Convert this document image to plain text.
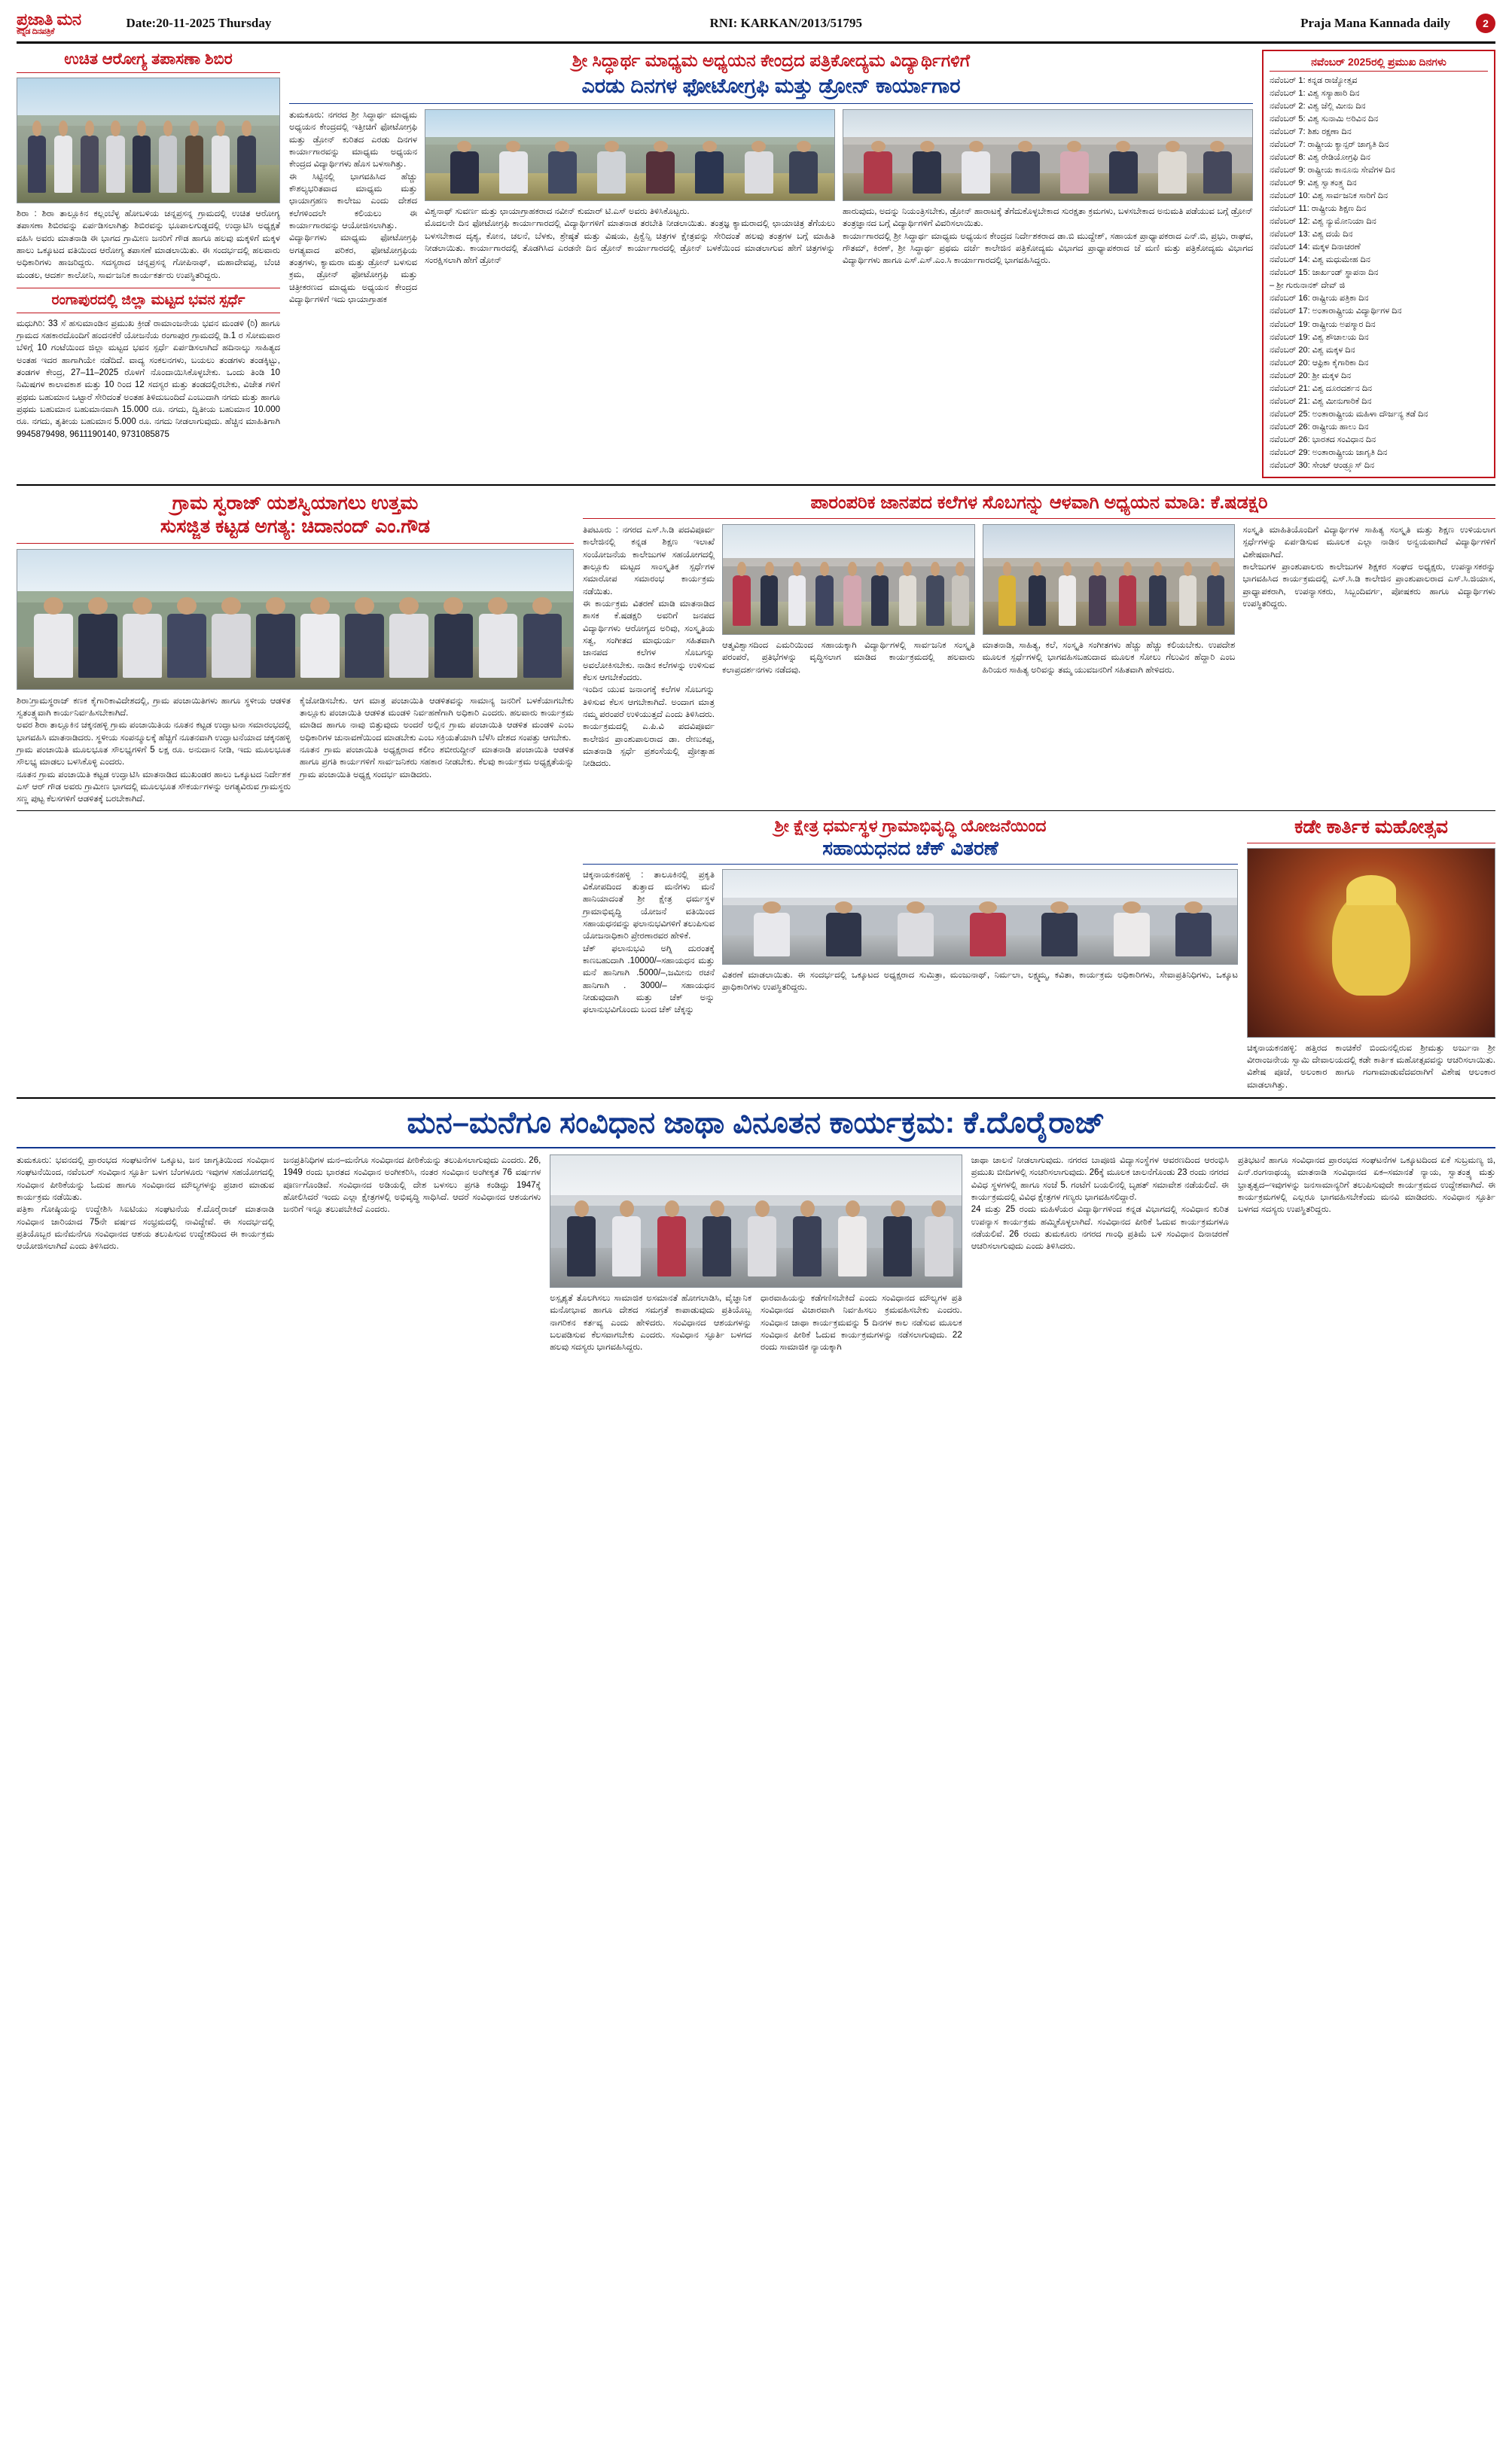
ಪ್ರಜಾತಿ ಮನ
ಕನ್ನಡ ದಿನಪತ್ರಿಕೆ
Date:20-11-2025 Thursday	RNI: KARKAN/2013/51795	Praja Mana Kannada daily	2
ಉಚಿತ ಆರೋಗ್ಯ ತಪಾಸಣಾ ಶಿಬಿರ
ಶಿರಾ : ಶಿರಾ ತಾಲ್ಲೂಕಿನ ಕಲ್ಲಂಬೆಳ್ಳ ಹೋಬಳಿಯ ಚನ್ನಪ್ರಸನ್ನ ಗ್ರಾಮದಲ್ಲಿ ಉಚಿತ ಆರೋಗ್ಯ ತಪಾಸಣಾ ಶಿಬಿರವನ್ನು ಏರ್ಪಡಿಸಲಾಗಿತ್ತು ಶಿಬಿರವನ್ನು ಭೂಪಾಲಗುಡ್ಡದಲ್ಲಿ ಉದ್ಘಾಟಿಸಿ ಅಧ್ಯಕ್ಷತೆ ವಹಿಸಿ ಅವರು ಮಾತನಾಡಿ ಈ ಭಾಗದ ಗ್ರಾಮೀಣ ಜನರಿಗೆ ಗೌಡ ಹಾಗೂ ಹಲವು ಮಕ್ಕಳಿಗೆ ಮಕ್ಕಳ ಹಾಲು ಒಕ್ಕೂಟದ ವತಿಯಿಂದ ಆರೋಗ್ಯ ತಪಾಸಣೆ ಮಾಡಲಾಯಿತು. ಈ ಸಂದರ್ಭದಲ್ಲಿ ಹಲವಾರು ಅಧಿಕಾರಿಗಳು ಹಾಜರಿದ್ದರು. ಸದಸ್ಯರಾದ ಚನ್ನಪ್ರಸನ್ನ ಗೋಪಿನಾಥ್, ಮಹಾದೇವಪ್ಪ, ಬೆಂಚಿ ಮಂಡಲ, ಆದರ್ಶ ಕಾಲೋನಿ, ಸಾರ್ವಜನಿಕ ಕಾರ್ಯಕರ್ತರು ಉಪಸ್ಥಿತರಿದ್ದರು.
ರಂಗಾಪುರದಲ್ಲಿ ಜಿಲ್ಲಾ ಮಟ್ಟದ ಭವನ ಸ್ಪರ್ಧೆ
ಮಧುಗಿರಿ: 33 ಸೆ ಹಸುಮಾಂಡಿನ ಪ್ರಮುಖ ಕ್ರೀಡೆ ರಾಮಾಂಜನೇಯ ಭವನ ಮಂಡಳಿ (ರಿ) ಹಾಗೂ ಗ್ರಾಮದ ಸಹಕಾರದೊಂದಿಗೆ ಹಂದನಕೆರೆ ಯೋಜನೆಯ ರಂಗಾಪುರ ಗ್ರಾಮದಲ್ಲಿ ಡಿ.1 ರ ಸೋಮವಾರ ಬೆಳಿಗ್ಗೆ 10 ಗಂಟೆಯಿಂದ ಜಿಲ್ಲಾ ಮಟ್ಟದ ಭವನ ಸ್ಪರ್ಧೆ ಏರ್ಪಡಿಸಲಾಗಿದೆ ಹದಿನಾಲ್ಕು ಸಾಹಿತ್ಯದ ಅಂತಹ ಇದರ ಹಾಗಾಗಿಯೇ ನಡೆದಿದೆ. ವಾದ್ಯ ಸಂಕಲನಗಳು, ಬಯಲು ತಂಡಗಳು ತಂಡಕ್ಕಿಟ್ಟು, ತಂಡಗಳ ಕೇಂದ್ರ, 27–11–2025 ರೊಳಗೆ ನೊಂದಾಯಿಸಿಕೊಳ್ಳಬೇಕು. ಒಂದು ತಿಂಡಿ 10 ನಿಮಿಷಗಳ ಕಾಲಾವಕಾಶ ಮತ್ತು 10 ರಿಂದ 12 ಸದಸ್ಯರ ಮತ್ತು ತಂಡದಲ್ಲಿರಬೇಕು, ವಿಜೇತ ಗಳಿಗೆ ಪ್ರಥಮ ಬಹುಮಾನ ಒಟ್ಟಾರೆ ಸೇರಿದಂತೆ ಅಂತಹ ತಿಳಿದುಬಂದಿದೆ ಎಂಬುದಾಗಿ ನಗದು ಮತ್ತು ಹಾಗೂ ಪ್ರಥಮ ಬಹುಮಾನ ಬಹುಮಾನವಾಗಿ 15.000 ರೂ. ನಗದು, ದ್ವಿತೀಯ ಬಹುಮಾನ 10.000 ರೂ. ನಗದು, ತೃತೀಯ ಬಹುಮಾನ 5.000 ರೂ. ನಗದು ನೀಡಲಾಗುವುದು. ಹೆಚ್ಚಿನ ಮಾಹಿತಿಗಾಗಿ 9945879498, 9611190140, 9731085875
ಶ್ರೀ ಸಿದ್ಧಾರ್ಥ ಮಾಧ್ಯಮ ಅಧ್ಯಯನ ಕೇಂದ್ರದ ಪತ್ರಿಕೋದ್ಯಮ ವಿದ್ಯಾರ್ಥಿಗಳಿಗೆ
ಎರಡು ದಿನಗಳ ಫೋಟೋಗ್ರಫಿ ಮತ್ತು ಡ್ರೋನ್ ಕಾರ್ಯಾಗಾರ
ತುಮಕೂರು: ನಗರದ ಶ್ರೀ ಸಿದ್ಧಾರ್ಥ ಮಾಧ್ಯಮ ಅಧ್ಯಯನ ಕೇಂದ್ರದಲ್ಲಿ ಇತ್ತೀಚಿಗೆ ಫೋಟೋಗ್ರಫಿ ಮತ್ತು ಡ್ರೋನ್ ಕುರಿತದ ಎರಡು ದಿನಗಳ ಕಾರ್ಯಾಗಾರವನ್ನು ಮಾಧ್ಯಮ ಅಧ್ಯಯನ ಕೇಂದ್ರದ ವಿದ್ಯಾರ್ಥಿಗಳು ಹೊಸ ಬಳಸಾಗಿತ್ತು.
ಈ ಸಿಟ್ಟಿನಲ್ಲಿ ಭಾಗವಹಿಸಿದ ಹೆಚ್ಚು ಕೌಶಲ್ಯಭರಿತವಾದ ಮಾಧ್ಯಮ ಮತ್ತು ಛಾಯಾಗ್ರಹಣ ಕಾಲೇಜು ಎಂದು ದೇಶದ ಕಲೆಗಳಿಂದಲೇ ಕಲಿಯಲು ಈ ಕಾರ್ಯಾಗಾರವನ್ನು ಆಯೋಜಿಸಲಾಗಿತ್ತು.
ವಿದ್ಯಾರ್ಥಿಗಳು ಮಾಧ್ಯಮ ಫೋಟೋಗ್ರಫಿ ಅಗತ್ಯವಾದ ಪರಿಕರ, ಫೋಟೋಗ್ರಫಿಯ ತಂತ್ರಗಳು, ಕ್ಯಾಮರಾ ಮತ್ತು ಡ್ರೋನ್ ಬಳಸುವ ಕ್ರಮ, ಡ್ರೋನ್ ಫೋಟೋಗ್ರಫಿ ಮತ್ತು ಚಿತ್ರೀಕರಣದ ಮಾಧ್ಯಮ ಅಧ್ಯಯನ ಕೇಂದ್ರದ ವಿದ್ಯಾರ್ಥಿಗಳಿಗೆ ಇದು ಛಾಯಾಗ್ರಾಹಕ
ವಿಶ್ವನಾಥ್ ಸುವರ್ಣ ಮತ್ತು ಛಾಯಾಗ್ರಾಹಕರಾದ ನವೀನ್ ಕುಮಾರ್ ಟಿ.ಎಸ್ ಅವರು ತಿಳಿಸಿಕೊಟ್ಟರು.
ಮೊದಲನೇ ದಿನ ಫೋಟೋಗ್ರಫಿ ಕಾರ್ಯಾಗಾರದಲ್ಲಿ ವಿದ್ಯಾರ್ಥಿಗಳಿಗೆ ಮಾತನಾಡ ತರಬೇತಿ ನೀಡಲಾಯಿತು. ತಂತ್ರಜ್ಞ ಕ್ಯಾಮರಾದಲ್ಲಿ ಛಾಯಾಚಿತ್ರ ತೆಗೆಯಲು ಬಳಸಬೇಕಾದ ದೃಶ್ಯ, ಕೋನ, ಚಲನೆ, ಬೆಳಕು, ಶ್ರೇಷ್ಠತೆ ಮತ್ತು ವಿಷಯ, ಪ್ರಿಕ್ವೆನ್ಸಿ ಚಿತ್ರಗಳ ಕ್ಷೇತ್ರವನ್ನು ಸೇರಿದಂತೆ ಹಲವು ತಂತ್ರಗಳ ಬಗ್ಗೆ ಮಾಹಿತಿ ನೀಡಲಾಯಿತು. ಕಾರ್ಯಾಗಾರದಲ್ಲಿ ತೊಡಗಿಸಿದ ಎರಡನೇ ದಿನ ಡ್ರೋನ್ ಕಾರ್ಯಾಗಾರದಲ್ಲಿ ಡ್ರೋನ್ ಬಳಕೆಯಿಂದ ಮಾಡಲಾಗುವ ಹೇಗೆ ಚಿತ್ರಗಳನ್ನು ಸಂರಕ್ಷಿಸಲಾಗಿ ಹೇಗೆ ಡ್ರೋನ್
ಹಾರುವುದು, ಅದನ್ನು ನಿಯಂತ್ರಿಸಬೇಕು, ಡ್ರೋನ್ ಹಾರಾಟಕ್ಕೆ ತೆಗೆದುಕೊಳ್ಳಬೇಕಾದ ಸುರಕ್ಷತಾ ಕ್ರಮಗಳು, ಬಳಸಬೇಕಾದ ಅನುಮತಿ ಪಡೆಯುವ ಬಗ್ಗೆ ಡ್ರೋನ್ ತಂತ್ರಜ್ಞಾನದ ಬಗ್ಗೆ ವಿದ್ಯಾರ್ಥಿಗಳಿಗೆ ವಿವರಿಸಲಾಯಿತು.
ಕಾರ್ಯಾಗಾರದಲ್ಲಿ ಶ್ರೀ ಸಿದ್ಧಾರ್ಥ ಮಾಧ್ಯಮ ಅಧ್ಯಯನ ಕೇಂದ್ರದ ನಿರ್ದೇಶಕರಾದ ಡಾ.ಬಿ ಮುದ್ದೇಶ್, ಸಹಾಯಕ ಪ್ರಾಧ್ಯಾಪಕರಾದ ಎನ್.ಬಿ, ಪ್ರಭು, ರಾಘವ, ಗೌತಮ್, ಕಿರಣ್, ಶ್ರೀ ಸಿದ್ಧಾರ್ಥ ಪ್ರಥಮ ದರ್ಜೆ ಕಾಲೇಜಿನ ಪತ್ರಿಕೋದ್ಯಮ ವಿಭಾಗದ ಪ್ರಾಧ್ಯಾಪಕರಾದ ಜೆ ಮಣಿ ಮತ್ತು ಪತ್ರಿಕೋದ್ಯಮ ವಿಭಾಗದ ವಿದ್ಯಾರ್ಥಿಗಳು ಹಾಗೂ ಎಸ್.ಎಸ್.ಎಂ.ಸಿ ಕಾರ್ಯಾಗಾರದಲ್ಲಿ ಭಾಗವಹಿಸಿದ್ದರು.
ನವೆಂಬರ್ 2025ರಲ್ಲಿ ಪ್ರಮುಖ ದಿನಗಳು
ನವೆಂಬರ್ 1: ಕನ್ನಡ ರಾಜ್ಯೋತ್ಸವ
ನವೆಂಬರ್ 1: ವಿಶ್ವ ಸಸ್ಯಾಹಾರಿ ದಿನ
ನವೆಂಬರ್ 2: ವಿಶ್ವ ಜೆಲ್ಲಿ ಮೀನು ದಿನ
ನವೆಂಬರ್ 5: ವಿಶ್ವ ಸುನಾಮಿ ಅರಿವಿನ ದಿನ
ನವೆಂಬರ್ 7: ಶಿಶು ರಕ್ಷಣಾ ದಿನ
ನವೆಂಬರ್ 7: ರಾಷ್ಟ್ರೀಯ ಕ್ಯಾನ್ಸರ್ ಜಾಗೃತಿ ದಿನ
ನವೆಂಬರ್ 8: ವಿಶ್ವ ರೇಡಿಯೋಗ್ರಫಿ ದಿನ
ನವೆಂಬರ್ 9: ರಾಷ್ಟ್ರೀಯ ಕಾನೂನು ಸೇವೆಗಳ ದಿನ
ನವೆಂಬರ್ 9: ವಿಶ್ವ ಸ್ವಾತಂತ್ರ್ಯ ದಿನ
ನವೆಂಬರ್ 10: ವಿಶ್ವ ಸಾರ್ವಜನಿಕ ಸಾರಿಗೆ ದಿನ
ನವೆಂಬರ್ 11: ರಾಷ್ಟ್ರೀಯ ಶಿಕ್ಷಣ ದಿನ
ನವೆಂಬರ್ 12: ವಿಶ್ವ ನ್ಯುಮೋನಿಯಾ ದಿನ
ನವೆಂಬರ್ 13: ವಿಶ್ವ ದಯೆ ದಿನ
ನವೆಂಬರ್ 14: ಮಕ್ಕಳ ದಿನಾಚರಣೆ
ನವೆಂಬರ್ 14: ವಿಶ್ವ ಮಧುಮೇಹ ದಿನ
ನವೆಂಬರ್ 15: ಜಾರ್ಖಂಡ್ ಸ್ಥಾಪನಾ ದಿನ
– ಶ್ರೀ ಗುರುನಾನಕ್ ದೇವ್ ಜಿ
ನವೆಂಬರ್ 16: ರಾಷ್ಟ್ರೀಯ ಪತ್ರಿಕಾ ದಿನ
ನವೆಂಬರ್ 17: ಅಂತಾರಾಷ್ಟ್ರೀಯ ವಿದ್ಯಾರ್ಥಿಗಳ ದಿನ
ನವೆಂಬರ್ 19: ರಾಷ್ಟ್ರೀಯ ಅಪಸ್ಮಾರ ದಿನ
ನವೆಂಬರ್ 19: ವಿಶ್ವ ಶೌಚಾಲಯ ದಿನ
ನವೆಂಬರ್ 20: ವಿಶ್ವ ಮಕ್ಕಳ ದಿನ
ನವೆಂಬರ್ 20: ಆಫ್ರಿಕಾ ಕೈಗಾರಿಕಾ ದಿನ
ನವೆಂಬರ್ 20: ಶ್ರೀ ಮಕ್ಕಳ ದಿನ
ನವೆಂಬರ್ 21: ವಿಶ್ವ ದೂರದರ್ಶನ ದಿನ
ನವೆಂಬರ್ 21: ವಿಶ್ವ ಮೀನುಗಾರಿಕೆ ದಿನ
ನವೆಂಬರ್ 25: ಅಂತಾರಾಷ್ಟ್ರೀಯ ಮಹಿಳಾ ದೌರ್ಜನ್ಯ ತಡೆ ದಿನ
ನವೆಂಬರ್ 26: ರಾಷ್ಟ್ರೀಯ ಹಾಲು ದಿನ
ನವೆಂಬರ್ 26: ಭಾರತದ ಸಂವಿಧಾನ ದಿನ
ನವೆಂಬರ್ 29: ಅಂತಾರಾಷ್ಟ್ರೀಯ ಜಾಗೃತಿ ದಿನ
ನವೆಂಬರ್ 30: ಸೇಂಟ್ ಆಂಡ್ರ್ಯೂಸ್ ದಿನ
ಗ್ರಾಮ ಸ್ವರಾಜ್ ಯಶಸ್ವಿಯಾಗಲು ಉತ್ತಮ
ಸುಸಜ್ಜಿತ ಕಟ್ಟಡ ಅಗತ್ಯ: ಚಿದಾನಂದ್ ಎಂ.ಗೌಡ
ಶಿರಾ:ಗ್ರಾಮಸ್ಥರಾಜ್ ಕಣಕ ಕೈಗಾರಿಕಾವಿದೇಶದಲ್ಲಿ, ಗ್ರಾಮ ಪಂಚಾಯಿತಿಗಳು ಹಾಗೂ ಸ್ಥಳೀಯ ಆಡಳಿತ ಸ್ವತಂತ್ರ್ಯವಾಗಿ ಕಾರ್ಯನಿರ್ವಹಿಸಬೇಕಾಗಿದೆ.
ಅವರ ಶಿರಾ ತಾಲ್ಲೂಕಿನ ಚಕ್ಕನಹಳ್ಳಿ ಗ್ರಾಮ ಪಂಚಾಯಿತಿಯ ನೂತನ ಕಟ್ಟಡ ಉದ್ಘಾಟನಾ ಸಮಾರಂಭದಲ್ಲಿ ಭಾಗವಹಿಸಿ ಮಾತನಾಡಿದರು. ಸ್ಥಳೀಯ ಸಂಪನ್ಮೂಲಕ್ಕೆ ಹೆಚ್ಚಿಗೆ ನೂತನವಾಗಿ ಉದ್ಘಾಟನೆಯಾದ ಚಕ್ಕನಹಳ್ಳಿ ಗ್ರಾಮ ಪಂಚಾಯಿತಿ ಮೂಲಭೂತ ಸೌಲಭ್ಯಗಳಿಗೆ 5 ಲಕ್ಷ ರೂ. ಅನುದಾನ ನೀಡಿ, ಇದು ಮೂಲಭೂತ ಸೌಲಭ್ಯ ಮಾಡಲು ಬಳಸಿಕೊಳ್ಳಿ ಎಂದರು.
ನೂತನ ಗ್ರಾಮ ಪಂಚಾಯಿತಿ ಕಟ್ಟಡ ಉದ್ಘಾಟಿಸಿ ಮಾತನಾಡಿದ ಮುಖಂಡರ ಹಾಲು ಒಕ್ಕೂಟದ ನಿರ್ದೇಶಕ ಎಸ್ ಆರ್ ಗೌಡ ಅವರು ಗ್ರಾಮೀಣ ಭಾಗದಲ್ಲಿ ಮೂಲಭೂತ ಸೌಕರ್ಯಗಳನ್ನು ಅಗತ್ಯವಿರುವ ಗ್ರಾಮಸ್ಥರು ಸಣ್ಣ ಪುಟ್ಟ ಕೆಲಸಗಳಿಗೆ ಆಡಳಿತಕ್ಕೆ ಬರಬೇಕಾಗಿದೆ.
ಕೈಜೋಡಿಸಬೇಕು. ಆಗ ಮಾತ್ರ ಪಂಚಾಯಿತಿ ಆಡಳಿತವನ್ನು ಸಾಮಾನ್ಯ ಜನರಿಗೆ ಬಳಕೆಯಾಗಬೇಕು ತಾಲ್ಲೂಕು ಪಂಚಾಯಿತಿ ಆಡಳಿತ ಮಂಡಳಿ ನಿರ್ವಹಣೆಗಾಗಿ ಅಧಿಕಾರಿ ಎಂದರು. ಹಲವಾರು ಕಾರ್ಯಕ್ರಮ ಮಾಡಿದ ಹಾಗೂ ನಾವು ಬಿತ್ತುವುದು ಅಂದರೆ ಅಲ್ಲಿನ ಗ್ರಾಮ ಪಂಚಾಯಿತಿ ಆಡಳಿತ ಮಂಡಳಿ ಎಂಬ ಅಧಿಕಾರಿಗಳ ಚುನಾವಣೆಯಿಂದ ಮಾಡಬೇಕು ಎಂಬ ಸಕ್ರಿಯತೆಯಾಗಿ ಬೆಳೆಸಿ ದೇಶದ ಸಂಪತ್ತು ಆಗಬೇಕು.
ನೂತನ ಗ್ರಾಮ ಪಂಚಾಯಿತಿ ಅಧ್ಯಕ್ಷರಾದ ಕಲೀಂ ಶಬೀರುದ್ದೀನ್ ಮಾತನಾಡಿ ಪಂಚಾಯಿತಿ ಆಡಳಿತ ಹಾಗೂ ಪ್ರಗತಿ ಕಾರ್ಯಗಳಿಗೆ ಸಾರ್ವಜನಿಕರು ಸಹಕಾರ ನೀಡಬೇಕು. ಕೆಲವು ಕಾರ್ಯಕ್ರಮ ಅಧ್ಯಕ್ಷತೆಯನ್ನು ಗ್ರಾಮ ಪಂಚಾಯಿತಿ ಅಧ್ಯಕ್ಷ ಸಂದರ್ಭ ಮಾಡಿದರು.
ಪಾರಂಪರಿಕ ಜಾನಪದ ಕಲೆಗಳ ಸೊಬಗನ್ನು ಆಳವಾಗಿ ಅಧ್ಯಯನ ಮಾಡಿ: ಕೆ.ಷಡಕ್ಷರಿ
ತಿಪಟೂರು : ನಗರದ ಎಸ್.ಸಿ.ಡಿ ಪದವಿಪೂರ್ವ ಕಾಲೇಜಿನಲ್ಲಿ ಕನ್ನಡ ಶಿಕ್ಷಣ ಇಲಾಖೆ ಸಂಯೋಜನೆಯ ಕಾಲೇಜುಗಳ ಸಹಯೋಗದಲ್ಲಿ ತಾಲ್ಲೂಕು ಮಟ್ಟದ ಸಾಂಸ್ಕೃತಿಕ ಸ್ಪರ್ಧೆಗಳ ಸಮಾರೋಪ ಸಮಾರಂಭ ಕಾರ್ಯಕ್ರಮ ನಡೆಯಿತು.
ಈ ಕಾರ್ಯಕ್ರಮ ವಿತರಣೆ ಮಾಡಿ ಮಾತನಾಡಿದ ಶಾಸಕ ಕೆ.ಷಡಕ್ಷರಿ ಅವರಿಗೆ ಜನಪದ ವಿದ್ಯಾರ್ಥಿಗಳು ಆರೋಗ್ಯದ ಅರಿವು, ಸಂಸ್ಕೃತಿಯ ಸತ್ವ, ಸಂಗೀತದ ಮಾಧುರ್ಯ ಸಹಿತವಾಗಿ ಜಾನಪದ ಕಲೆಗಳ ಸೊಬಗನ್ನು ಅವಲೋಕಿಸಬೇಕು. ನಾಡಿನ ಕಲೆಗಳನ್ನು ಉಳಿಸುವ ಕೆಲಸ ಆಗಬೇಕೆಂದರು.
ಇಂದಿನ ಯುವ ಜನಾಂಗಕ್ಕೆ ಕಲೆಗಳ ಸೊಬಗನ್ನು ತಿಳಿಸುವ ಕೆಲಸ ಆಗಬೇಕಾಗಿದೆ. ಅಂದಾಗ ಮಾತ್ರ ನಮ್ಮ ಪರಂಪರೆ ಉಳಿಯುತ್ತದೆ ಎಂದು ತಿಳಿಸಿದರು. ಕಾರ್ಯಕ್ರಮದಲ್ಲಿ ಎ.ಪಿ.ವಿ ಪದವಿಪೂರ್ವ ಕಾಲೇಜಿನ ಪ್ರಾಂಶುಪಾಲರಾದ ಡಾ. ರೇಣುಕಪ್ಪ, ಮಾತನಾಡಿ ಸ್ಪರ್ಧೆ ಪ್ರಶಂಸೆಯಲ್ಲಿ ಪ್ರೋತ್ಸಾಹ ನೀಡಿದರು.
ಆತ್ಮವಿಶ್ವಾಸದಿಂದ ಎಮರಿಯಿಂದ ಸಹಾಯಕ್ಕಾಗಿ ವಿದ್ಯಾರ್ಥಿಗಳಲ್ಲಿ ಸಾರ್ವಜನಿಕ ಸಂಸ್ಕೃತಿ ಪರಂಪರೆ, ಪ್ರತಿಭೆಗಳನ್ನು ವೃದ್ಧಿಸಲಾಗ ಮಾಡಿದ ಕಾರ್ಯಕ್ರಮದಲ್ಲಿ ಹಲವಾರು ಕಲಾಪ್ರದರ್ಶನಗಳು ನಡೆದವು.
ಮಾತನಾಡಿ, ಸಾಹಿತ್ಯ, ಕಲೆ, ಸಂಸ್ಕೃತಿ ಸಂಗೀತಗಳು ಹೆಚ್ಚು ಹೆಚ್ಚು ಕಲಿಯಬೇಕು. ಉಪದೇಶ ಮೂಲಕ ಸ್ಪರ್ಧೆಗಳಲ್ಲಿ ಭಾಗವಹಿಸಬಹುದಾದ ಮೂಲಕ ಸೋಲು ಗೆಲುವಿನ ಹೆದ್ದಾರಿ ಎಂಬ ಹಿರಿಯರ ಸಾಹಿತ್ಯ ಅರಿವನ್ನು ತಮ್ಮ ಯುವಜನರಿಗೆ ಸಹಿತವಾಗಿ ಹೇಳಿದರು.
ಸಂಸ್ಕೃತಿ ಮಾಹಿತಿಯೊಂದಿಗೆ ವಿದ್ಯಾರ್ಥಿಗಳ ಸಾಹಿತ್ಯ ಸಂಸ್ಕೃತಿ ಮತ್ತು ಶಿಕ್ಷಣ ಉಳಿಯಲಾಗ ಸ್ಪರ್ಧೆಗಳನ್ನು ಏರ್ಪಡಿಸುವ ಮೂಲಕ ಎಲ್ಲಾ ನಾಡಿನ ಅನ್ವಯವಾಗಿದೆ ವಿದ್ಯಾರ್ಥಿಗಳಿಗೆ ವಿಶೇಷವಾಗಿದೆ.
ಕಾಲೇಜುಗಳ ಪ್ರಾಂಶುಪಾಲರು ಕಾಲೇಜುಗಳ ಶಿಕ್ಷಕರ ಸಂಘದ ಅಧ್ಯಕ್ಷರು, ಉಪನ್ಯಾಸಕರನ್ನು ಭಾಗವಹಿಸಿದ ಕಾರ್ಯಕ್ರಮದಲ್ಲಿ ಎಸ್.ಸಿ.ಡಿ ಕಾಲೇಜಿನ ಪ್ರಾಂಶುಪಾಲರಾದ ಎಸ್.ಸಿ.ಜಿಯಾಸ, ಪ್ರಾಧ್ಯಾಪಕರಾಗಿ, ಉಪನ್ಯಾಸಕರು, ಸಿಬ್ಬಂದಿವರ್ಗ, ಪೋಷಕರು ಹಾಗೂ ವಿದ್ಯಾರ್ಥಿಗಳು ಉಪಸ್ಥಿತರಿದ್ದರು.
ಶ್ರೀ ಕ್ಷೇತ್ರ ಧರ್ಮಸ್ಥಳ ಗ್ರಾಮಾಭಿವೃದ್ಧಿ ಯೋಜನೆಯಿಂದ
ಸಹಾಯಧನದ ಚೆಕ್ ವಿತರಣೆ
ಚಿಕ್ಕನಾಯಕನಹಳ್ಳಿ : ತಾಲೂಕಿನಲ್ಲಿ ಪ್ರಕೃತಿ ವಿಕೋಪದಿಂದ ತುತ್ತಾದ ಮನೆಗಳು ಮನೆ ಹಾನಿಯಾದಂತೆ ಶ್ರೀ ಕ್ಷೇತ್ರ ಧರ್ಮಸ್ಥಳ ಗ್ರಾಮಾಭಿವೃದ್ಧಿ ಯೋಜನೆ ವತಿಯಿಂದ ಸಹಾಯಧನವನ್ನು ಫಲಾನುಭವಿಗಳಿಗೆ ತಲುಪಿಸುವ ಯೋಜನಾಧಿಕಾರಿ ಪ್ರೇರಣಾರವರ ಹೇಳಿಕೆ.
ಚೆಕ್ ಫಲಾನುಭವಿ ಅಗ್ನಿ ದುರಂತಕ್ಕೆ ಕಾಣಬಹುದಾಗಿ .10000/–ಸಹಾಯಧನ ಮತ್ತು ಮನೆ ಹಾನಿಗಾಗಿ .5000/–,ಜಮೀನು ರಚನೆ ಹಾನಿಗಾಗಿ . 3000/– ಸಹಾಯಧನ ನೀಡುವುದಾಗಿ ಮತ್ತು ಚೆಕ್ ಅನ್ನು ಫಲಾನುಭವಿಗೊಂದು ಬಂದ ಚೆಕ್ ಚೆಕ್ಕನ್ನು
ವಿತರಣೆ ಮಾಡಲಾಯಿತು. ಈ ಸಂದರ್ಭದಲ್ಲಿ ಒಕ್ಕೂಟದ ಅಧ್ಯಕ್ಷರಾದ ಸುಮಿತ್ರಾ, ಮಂಜುನಾಥ್, ನಿರ್ಮಲಾ, ಲಕ್ಷ್ಮಮ್ಮ, ಕವಿತಾ, ಕಾರ್ಯಕ್ರಮ ಅಧಿಕಾರಿಗಳು, ಸೇವಾಪ್ರತಿನಿಧಿಗಳು, ಒಕ್ಕೂಟ ಪ್ರಾಧಿಕಾರಿಗಳು ಉಪಸ್ಥಿತರಿದ್ದರು.
ಕಡೇ ಕಾರ್ತಿಕ ಮಹೋತ್ಸವ
ಚಿಕ್ಕನಾಯಕನಹಳ್ಳಿ: ಹತ್ತಿರದ ಕಾಂಚಿಕೆರೆ ಬಿಂದುನಲ್ಲಿರುವ ಶ್ರೀಮತ್ತು ಅರ್ಜುನಾ ಶ್ರೀ ವೀರಾಂಜನೇಯ ಸ್ವಾಮಿ ದೇವಾಲಯದಲ್ಲಿ ಕಡೇ ಕಾರ್ತಿಕ ಮಹೋತ್ಸವವನ್ನು ಆಚರಿಸಲಾಯಿತು. ವಿಶೇಷ ಪೂಜೆ, ಅಲಂಕಾರ ಹಾಗೂ ಗಂಗಾಮಾಡುವೆದವರಾಗಿಗೆ ವಿಶೇಷ ಆಲಂಕಾರ ಮಾಡಲಾಗಿತ್ತು.
ಮನ–ಮನೆಗೂ ಸಂವಿಧಾನ ಜಾಥಾ ವಿನೂತನ ಕಾರ್ಯಕ್ರಮ: ಕೆ.ದೊರೈರಾಜ್
ತುಮಕೂರು: ಭವನದಲ್ಲಿ ಪ್ರಾರಂಭದ ಸಂಘಟನೆಗಳ ಒಕ್ಕೂಟ, ಜನ ಜಾಗೃತಿಯಿಂದ ಸಂವಿಧಾನ ಸಂಘಟನೆಯಿಂದ, ನವೆಂಬರ್ ಸಂವಿಧಾನ ಸ್ಫೂರ್ತಿ ಬಳಗ ಬೆಂಗಳೂರು ಇವುಗಳ ಸಹಯೋಗದಲ್ಲಿ ಸಂವಿಧಾನ ಪೀಠಿಕೆಯನ್ನು ಓದುವ ಹಾಗೂ ಸಂವಿಧಾನದ ಮೌಲ್ಯಗಳನ್ನು ಪ್ರಚಾರ ಮಾಡುವ ಕಾರ್ಯಕ್ರಮ ನಡೆಯಿತು.
ಪತ್ರಿಕಾ ಗೋಷ್ಠಿಯನ್ನು ಉದ್ದೇಶಿಸಿ ಸಿಐಟಿಯು ಸಂಘಟನೆಯ ಕೆ.ದೊರೈರಾಜ್ ಮಾತನಾಡಿ ಸಂವಿಧಾನ ಜಾರಿಯಾದ 75ನೇ ವರ್ಷದ ಸಂಭ್ರಮದಲ್ಲಿ ನಾವಿದ್ದೇವೆ. ಈ ಸಂದರ್ಭದಲ್ಲಿ ಪ್ರತಿಯೊಬ್ಬರ ಮನೆಮನೆಗೂ ಸಂವಿಧಾನದ ಆಶಯ ತಲುಪಿಸುವ ಉದ್ದೇಶದಿಂದ ಈ ಕಾರ್ಯಕ್ರಮ ಆಯೋಜಿಸಲಾಗಿದೆ ಎಂದು ತಿಳಿಸಿದರು.
ಜನಪ್ರತಿನಿಧಿಗಳ ಮನ–ಮನೆಗೂ ಸಂವಿಧಾನದ ಪೀಠಿಕೆಯನ್ನು ತಲುಪಿಸಲಾಗುವುದು ಎಂದರು. 26, 1949 ರಂದು ಭಾರತದ ಸಂವಿಧಾನ ಅಂಗೀಕರಿಸಿ, ನಂತರ ಸಂವಿಧಾನ ಅಂಗೀಕೃತ 76 ವರ್ಷಗಳ ಪೂರ್ಣಗೊಂಡಿವೆ. ಸಂವಿಧಾನದ ಅಡಿಯಲ್ಲಿ ದೇಶ ಬಳಸಲು ಪ್ರಗತಿ ಕಂಡಿದ್ದು 1947ಕ್ಕೆ ಹೋಲಿಸಿದರೆ ಇಂದು ಎಲ್ಲಾ ಕ್ಷೇತ್ರಗಳಲ್ಲಿ ಅಭಿವೃದ್ಧಿ ಸಾಧಿಸಿದೆ. ಆದರೆ ಸಂವಿಧಾನದ ಆಶಯಗಳು ಜನರಿಗೆ ಇನ್ನೂ ತಲುಪಬೇಕಿದೆ ಎಂದರು.
ಅಸ್ಪೃಶ್ಯತೆ ತೊಲಗಿಸಲು ಸಾಮಾಜಿಕ ಅಸಮಾನತೆ ಹೋಗಲಾಡಿಸಿ, ವೈಜ್ಞಾನಿಕ ಮನೋಭಾವ ಹಾಗೂ ದೇಶದ ಸಮಗ್ರತೆ ಕಾಪಾಡುವುದು ಪ್ರತಿಯೊಬ್ಬ ನಾಗರಿಕನ ಕರ್ತವ್ಯ ಎಂದು ಹೇಳಿದರು. ಸಂವಿಧಾನದ ಆಶಯಗಳನ್ನು ಬಲಪಡಿಸುವ ಕೆಲಸವಾಗಬೇಕು ಎಂದರು. ಸಂವಿಧಾನ ಸ್ಫೂರ್ತಿ ಬಳಗದ ಹಲವು ಸದಸ್ಯರು ಭಾಗವಹಿಸಿದ್ದರು.
ಧಾರವಾಹಿಯನ್ನು ಕಡೆಗಣಿಸಬೇಕಿದೆ ಎಂದು ಸಂವಿಧಾನದ ಮೌಲ್ಯಗಳ ಪ್ರತಿ ಸಂವಿಧಾನದ ವಿಚಾರವಾಗಿ ನಿರ್ವಹಿಸಲು ಕ್ರಮವಹಿಸಬೇಕು ಎಂದರು. ಸಂವಿಧಾನ ಜಾಥಾ ಕಾರ್ಯಕ್ರಮವನ್ನು 5 ದಿನಗಳ ಕಾಲ ನಡೆಸುವ ಮೂಲಕ ಸಂವಿಧಾನ ಪೀಠಿಕೆ ಓದುವ ಕಾರ್ಯಕ್ರಮಗಳನ್ನು ನಡೆಸಲಾಗುವುದು. 22 ರಂದು ಸಾಮಾಜಿಕ ನ್ಯಾಯಕ್ಕಾಗಿ
ಜಾಥಾ ಚಾಲನೆ ನೀಡಲಾಗುವುದು. ನಗರದ ಬಾಪೂಜಿ ವಿದ್ಯಾಸಂಸ್ಥೆಗಳ ಆವರಣದಿಂದ ಆರಂಭಿಸಿ ಪ್ರಮುಖ ಬೀದಿಗಳಲ್ಲಿ ಸಂಚರಿಸಲಾಗುವುದು. 26ಕ್ಕೆ ಮೂಲಕ ಚಾಲನೆಗೊಂಡು 23 ರಂದು ನಗರದ ವಿವಿಧ ಸ್ಥಳಗಳಲ್ಲಿ ಹಾಗೂ ಸಂಜೆ 5. ಗಂಟೆಗೆ ಬಯಲಿನಲ್ಲಿ ಬೃಹತ್ ಸಮಾವೇಶ ನಡೆಯಲಿದೆ. ಈ ಕಾರ್ಯಕ್ರಮದಲ್ಲಿ ವಿವಿಧ ಕ್ಷೇತ್ರಗಳ ಗಣ್ಯರು ಭಾಗವಹಿಸಲಿದ್ದಾರೆ.
24 ಮತ್ತು 25 ರಂದು ಮಹಿಳೆಯರ ವಿದ್ಯಾರ್ಥಿಗಳಿಂದ ಕನ್ನಡ ವಿಭಾಗದಲ್ಲಿ ಸಂವಿಧಾನ ಕುರಿತ ಉಪನ್ಯಾಸ ಕಾರ್ಯಕ್ರಮ ಹಮ್ಮಿಕೊಳ್ಳಲಾಗಿದೆ. ಸಂವಿಧಾನದ ಪೀಠಿಕೆ ಓದುವ ಕಾರ್ಯಕ್ರಮಗಳೂ ನಡೆಯಲಿವೆ. 26 ರಂದು ತುಮಕೂರು ನಗರದ ಗಾಂಧಿ ಪ್ರತಿಮೆ ಬಳಿ ಸಂವಿಧಾನ ದಿನಾಚರಣೆ ಆಚರಿಸಲಾಗುವುದು ಎಂದು ತಿಳಿಸಿದರು.
ಪ್ರತಿಭಟನೆ ಹಾಗೂ ಸಂವಿಧಾನದ ಪ್ರಾರಂಭದ ಸಂಘಟನೆಗಳ ಒಕ್ಕೂಟದಿಂದ ಏಕೆ ಸುಬ್ರಮಣ್ಯ ಜಿ, ಎನ್.ರಂಗನಾಥಯ್ಯ ಮಾತನಾಡಿ ಸಂವಿಧಾನದ ಏಕ–ಸಮಾನತೆ ನ್ಯಾಯ, ಸ್ವಾತಂತ್ರ್ಯ ಮತ್ತು ಭ್ರಾತೃತ್ವದ–ಇವುಗಳನ್ನು ಜನಸಾಮಾನ್ಯರಿಗೆ ತಲುಪಿಸುವುದೇ ಕಾರ್ಯಕ್ರಮದ ಉದ್ದೇಶವಾಗಿದೆ. ಈ ಕಾರ್ಯಕ್ರಮಗಳಲ್ಲಿ ಎಲ್ಲರೂ ಭಾಗವಹಿಸಬೇಕೆಂದು ಮನವಿ ಮಾಡಿದರು. ಸಂವಿಧಾನ ಸ್ಫೂರ್ತಿ ಬಳಗದ ಸದಸ್ಯರು ಉಪಸ್ಥಿತರಿದ್ದರು.
